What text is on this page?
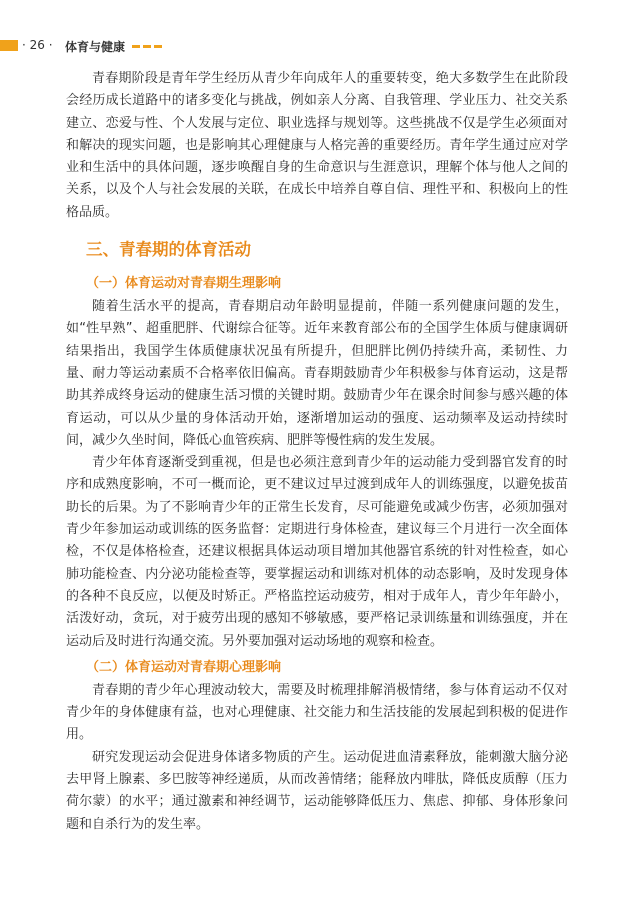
· 26 · 体育与健康

青春期阶段是青年学生经历从青少年向成年人的重要转变，绝大多数学生在此阶段会经历成长道路中的诸多变化与挑战，例如亲人分离、自我管理、学业压力、社交关系建立、恋爱与性、个人发展与定位、职业选择与规划等。这些挑战不仅是学生必须面对和解决的现实问题，也是影响其心理健康与人格完善的重要经历。青年学生通过应对学业和生活中的具体问题，逐步唤醒自身的生命意识与生涯意识，理解个体与他人之间的关系，以及个人与社会发展的关联，在成长中培养自尊自信、理性平和、积极向上的性格品质。

三、青春期的体育活动
（一）体育运动对青春期生理影响

随着生活水平的提高，青春期启动年龄明显提前，伴随一系列健康问题的发生，如“性早熟”、超重肥胖、代谢综合征等。近年来教育部公布的全国学生体质与健康调研结果指出，我国学生体质健康状况虽有所提升，但肥胖比例仍持续升高，柔韧性、力量、耐力等运动素质不合格率依旧偏高。青春期鼓励青少年积极参与体育运动，这是帮助其养成终身运动的健康生活习惯的关键时期。鼓励青少年在课余时间参与感兴趣的体育运动，可以从少量的身体活动开始，逐渐增加运动的强度、运动频率及运动持续时间，减少久坐时间，降低心血管疾病、肥胖等慢性病的发生发展。

青少年体育逐渐受到重视，但是也必须注意到青少年的运动能力受到器官发育的时序和成熟度影响，不可一概而论，更不建议过早过渡到成年人的训练强度，以避免拔苗助长的后果。为了不影响青少年的正常生长发育，尽可能避免或减少伤害，必须加强对青少年参加运动或训练的医务监督：定期进行身体检查，建议每三个月进行一次全面体检，不仅是体格检查，还建议根据具体运动项目增加其他器官系统的针对性检查，如心肺功能检查、内分泌功能检查等，要掌握运动和训练对机体的动态影响，及时发现身体的各种不良反应，以便及时矫正。严格监控运动疲劳，相对于成年人，青少年年龄小，活泼好动，贪玩，对于疲劳出现的感知不够敏感，要严格记录训练量和训练强度，并在运动后及时进行沟通交流。另外要加强对运动场地的观察和检查。

（二）体育运动对青春期心理影响

青春期的青少年心理波动较大，需要及时梳理排解消极情绪，参与体育运动不仅对青少年的身体健康有益，也对心理健康、社交能力和生活技能的发展起到积极的促进作用。

研究发现运动会促进身体诸多物质的产生。运动促进血清素释放，能刺激大脑分泌去甲肾上腺素、多巴胺等神经递质，从而改善情绪；能释放内啡肽，降低皮质醇（压力荷尔蒙）的水平；通过激素和神经调节，运动能够降低压力、焦虑、抑郁、身体形象问题和自杀行为的发生率。
